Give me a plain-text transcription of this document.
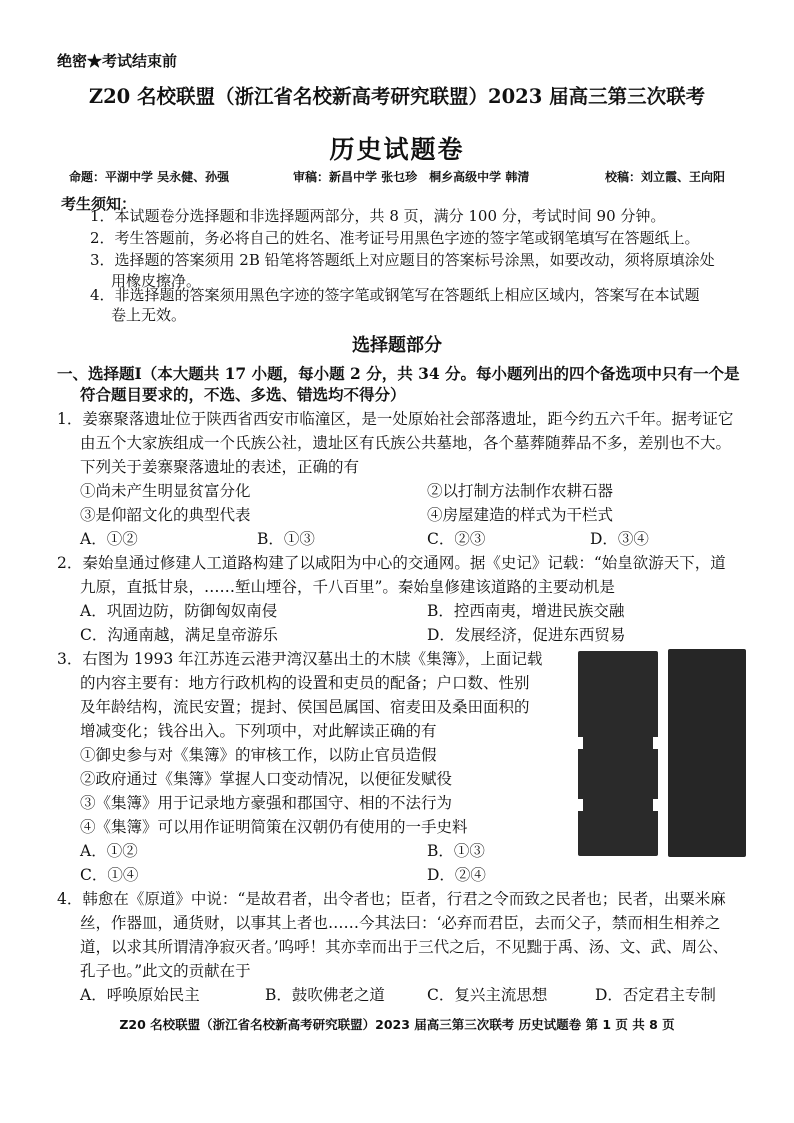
绝密★考试结束前
Z20 名校联盟（浙江省名校新高考研究联盟）2023 届高三第三次联考
历史试题卷
命题：平湖中学 吴永健、孙强	审稿：新昌中学 张乜珍　桐乡高级中学 韩清	校稿：刘立霞、王向阳
考生须知：
1．本试题卷分选择题和非选择题两部分，共 8 页，满分 100 分，考试时间 90 分钟。
2．考生答题前，务必将自己的姓名、准考证号用黑色字迹的签字笔或钢笔填写在答题纸上。
3．选择题的答案须用 2B 铅笔将答题纸上对应题目的答案标号涂黑，如要改动，须将原填涂处
用橡皮擦净。
4．非选择题的答案须用黑色字迹的签字笔或钢笔写在答题纸上相应区域内，答案写在本试题
卷上无效。
选择题部分
一、选择题Ⅰ（本大题共 17 小题，每小题 2 分，共 34 分。每小题列出的四个备选项中只有一个是
符合题目要求的，不选、多选、错选均不得分）
1．姜寨聚落遗址位于陕西省西安市临潼区，是一处原始社会部落遗址，距今约五六千年。据考证它
由五个大家族组成一个氏族公社，遗址区有氏族公共墓地，各个墓葬随葬品不多，差别也不大。
下列关于姜寨聚落遗址的表述，正确的有
①尚未产生明显贫富分化	②以打制方法制作农耕石器
③是仰韶文化的典型代表	④房屋建造的样式为干栏式
A．①②	B．①③	C．②③	D．③④
2．秦始皇通过修建人工道路构建了以咸阳为中心的交通网。据《史记》记载：“始皇欲游天下，道
九原，直抵甘泉，……堑山堙谷，千八百里”。秦始皇修建该道路的主要动机是
A．巩固边防，防御匈奴南侵	B．控西南夷，增进民族交融
C．沟通南越，满足皇帝游乐	D．发展经济，促进东西贸易
3．右图为 1993 年江苏连云港尹湾汉墓出土的木牍《集簿》，上面记载
的内容主要有：地方行政机构的设置和吏员的配备；户口数、性别
及年龄结构，流民安置；提封、侯国邑属国、宿麦田及桑田面积的
增减变化；钱谷出入。下列项中，对此解读正确的有
①御史参与对《集簿》的审核工作，以防止官员造假
②政府通过《集簿》掌握人口变动情况，以便征发赋役
③《集簿》用于记录地方豪强和郡国守、相的不法行为
④《集簿》可以用作证明简策在汉朝仍有使用的一手史料
A．①②	B．①③
C．①④	D．②④
4．韩愈在《原道》中说：“是故君者，出令者也；臣者，行君之令而致之民者也；民者，出粟米麻
丝，作器皿，通货财，以事其上者也……今其法曰：‘必弃而君臣，去而父子，禁而相生相养之
道，以求其所谓清净寂灭者。’呜呼！其亦幸而出于三代之后，不见黜于禹、汤、文、武、周公、
孔子也。”此文的贡献在于
A．呼唤原始民主	B．鼓吹佛老之道	C．复兴主流思想	D．否定君主专制
Z20 名校联盟（浙江省名校新高考研究联盟）2023 届高三第三次联考 历史试题卷 第 1 页 共 8 页
